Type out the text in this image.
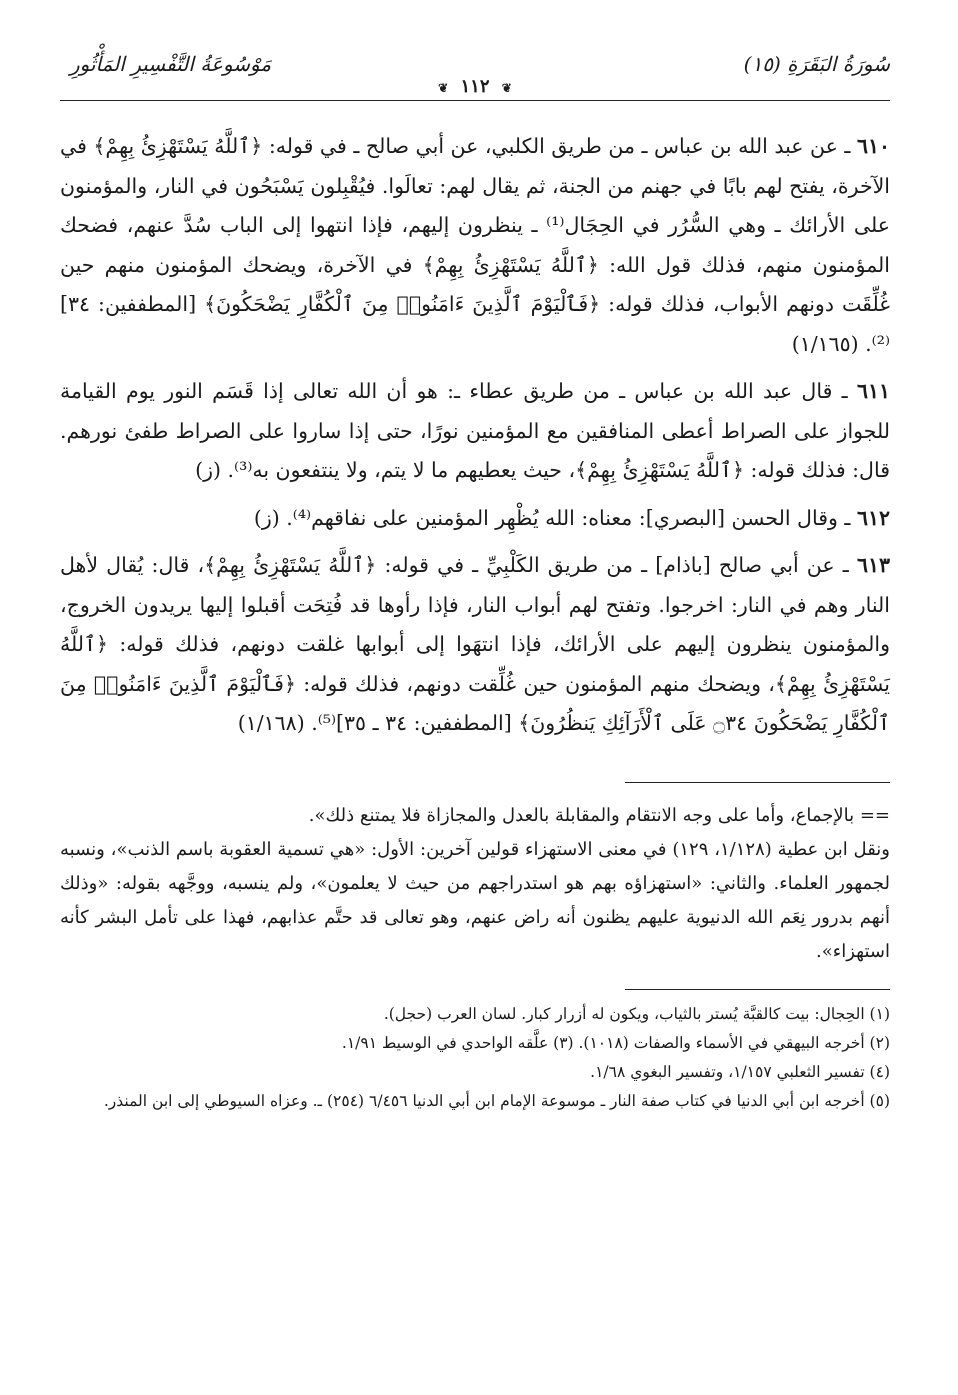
سُورَةُ البَقَرَةِ (١٥)
مَوْسُوعَةُ التَّفْسِيرِ المَأْثُورِ
❦ ١١٢ ❦

٦١٠ ـ عن عبد الله بن عباس ـ من طريق الكلبي، عن أبي صالح ـ في قوله: ﴿ٱللَّهُ يَسْتَهْزِئُ بِهِمْ﴾ في الآخرة، يفتح لهم بابًا في جهنم من الجنة، ثم يقال لهم: تعالَوا. فيُقْبِلون يَسْبَحُون في النار، والمؤمنون على الأرائك ـ وهي السُّرُر في الحِجَال⁽¹⁾ ـ ينظرون إليهم، فإذا انتهوا إلى الباب سُدَّ عنهم، فضحك المؤمنون منهم، فذلك قول الله: ﴿ٱللَّهُ يَسْتَهْزِئُ بِهِمْ﴾ في الآخرة، ويضحك المؤمنون منهم حين غُلِّقَت دونهم الأبواب، فذلك قوله: ﴿فَٱلْيَوْمَ ٱلَّذِينَ ءَامَنُوا۟ مِنَ ٱلْكُفَّارِ يَضْحَكُونَ﴾ [المطففين: ٣٤]⁽²⁾. (١/١٦٥)

٦١١ ـ قال عبد الله بن عباس ـ من طريق عطاء ـ: هو أن الله تعالى إذا قَسَم النور يوم القيامة للجواز على الصراط أعطى المنافقين مع المؤمنين نورًا، حتى إذا ساروا على الصراط طفئ نورهم. قال: فذلك قوله: ﴿ٱللَّهُ يَسْتَهْزِئُ بِهِمْ﴾، حيث يعطيهم ما لا يتم، ولا ينتفعون به⁽³⁾. (ز)

٦١٢ ـ وقال الحسن [البصري]: معناه: الله يُظْهِر المؤمنين على نفاقهم⁽⁴⁾. (ز)

٦١٣ ـ عن أبي صالح [باذام] ـ من طريق الكَلْبِيِّ ـ في قوله: ﴿ٱللَّهُ يَسْتَهْزِئُ بِهِمْ﴾، قال: يُقال لأهل النار وهم في النار: اخرجوا. وتفتح لهم أبواب النار، فإذا رأوها قد فُتِحَت أقبلوا إليها يريدون الخروج، والمؤمنون ينظرون إليهم على الأرائك، فإذا انتهَوا إلى أبوابها غلقت دونهم، فذلك قوله: ﴿ٱللَّهُ يَسْتَهْزِئُ بِهِمْ﴾، ويضحك منهم المؤمنون حين غُلِّقت دونهم، فذلك قوله: ﴿فَٱلْيَوْمَ ٱلَّذِينَ ءَامَنُوا۟ مِنَ ٱلْكُفَّارِ يَضْحَكُونَ ۝٣٤ عَلَى ٱلْأَرَآئِكِ يَنظُرُونَ﴾ [المطففين: ٣٤ ـ ٣٥]⁽⁵⁾. (١/١٦٨)

== بالإجماع، وأما على وجه الانتقام والمقابلة بالعدل والمجازاة فلا يمتنع ذلك».

ونقل ابن عطية (١/١٢٨، ١٢٩) في معنى الاستهزاء قولين آخرين: الأول: «هي تسمية العقوبة باسم الذنب»، ونسبه لجمهور العلماء. والثاني: «استهزاؤه بهم هو استدراجهم من حيث لا يعلمون»، ولم ينسبه، ووجَّهه بقوله: «وذلك أنهم بدرور نِعَم الله الدنيوية عليهم يظنون أنه راض عنهم، وهو تعالى قد حتَّم عذابهم، فهذا على تأمل البشر كأنه استهزاء».

(١) الحِجال: بيت كالقبَّة يُستر بالثياب، ويكون له أزرار كبار. لسان العرب (حجل).

(٢) أخرجه البيهقي في الأسماء والصفات (١٠١٨). (٣) علَّقه الواحدي في الوسيط ١/٩١.

(٤) تفسير الثعلبي ١/١٥٧، وتفسير البغوي ١/٦٨.

(٥) أخرجه ابن أبي الدنيا في كتاب صفة النار ـ موسوعة الإمام ابن أبي الدنيا ٦/٤٥٦ (٢٥٤) ـ. وعزاه السيوطي إلى ابن المنذر.
